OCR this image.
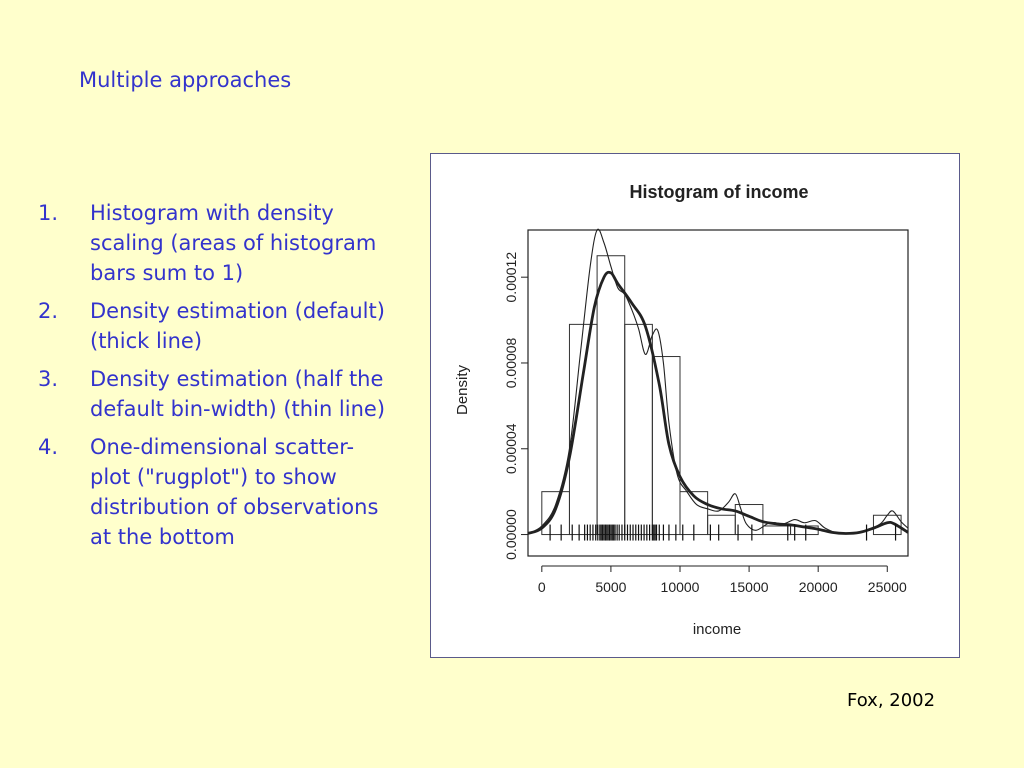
Multiple approaches
1. Histogram with density scaling (areas of histogram bars sum to 1)
2. Density estimation (default) (thick line)
3. Density estimation (half the default bin-width) (thin line)
4. One-dimensional scatter-plot ("rugplot") to show distribution of observations at the bottom
Histogram of income
income
Density
0.00000
0.00004
0.00008
0.00012
0	5000 10000 15000 20000 25000
Fox, 2002
